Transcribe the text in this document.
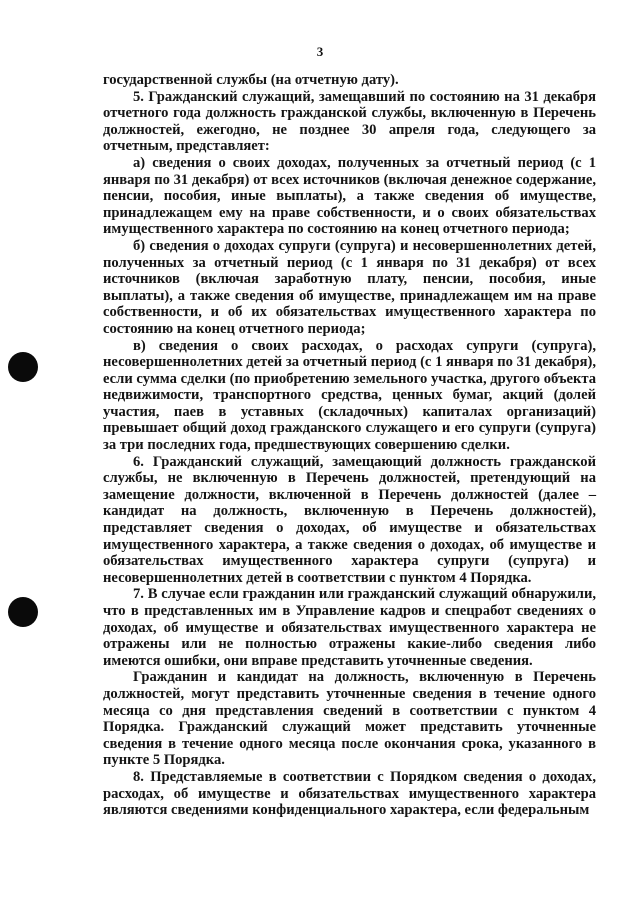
3

государственной службы (на отчетную дату).

5. Гражданский служащий, замещавший по состоянию на 31 декабря отчетного года должность гражданской службы, включенную в Перечень должностей, ежегодно, не позднее 30 апреля года, следующего за отчетным, представляет:

а) сведения о своих доходах, полученных за отчетный период (с 1 января по 31 декабря) от всех источников (включая денежное содержание, пенсии, пособия, иные выплаты), а также сведения об имуществе, принадлежащем ему на праве собственности, и о своих обязательствах имущественного характера по состоянию на конец отчетного периода;

б) сведения о доходах супруги (супруга) и несовершеннолетних детей, полученных за отчетный период (с 1 января по 31 декабря) от всех источников (включая заработную плату, пенсии, пособия, иные выплаты), а также сведения об имуществе, принадлежащем им на праве собственности, и об их обязательствах имущественного характера по состоянию на конец отчетного периода;

в) сведения о своих расходах, о расходах супруги (супруга), несовершеннолетних детей за отчетный период (с 1 января по 31 декабря), если сумма сделки (по приобретению земельного участка, другого объекта недвижимости, транспортного средства, ценных бумаг, акций (долей участия, паев в уставных (складочных) капиталах организаций) превышает общий доход гражданского служащего и его супруги (супруга) за три последних года, предшествующих совершению сделки.

6. Гражданский служащий, замещающий должность гражданской службы, не включенную в Перечень должностей, претендующий на замещение должности, включенной в Перечень должностей (далее – кандидат на должность, включенную в Перечень должностей), представляет сведения о доходах, об имуществе и обязательствах имущественного характера, а также сведения о доходах, об имуществе и обязательствах имущественного характера супруги (супруга) и несовершеннолетних детей в соответствии с пунктом 4 Порядка.

7. В случае если гражданин или гражданский служащий обнаружили, что в представленных им в Управление кадров и спецработ сведениях о доходах, об имуществе и обязательствах имущественного характера не отражены или не полностью отражены какие-либо сведения либо имеются ошибки, они вправе представить уточненные сведения.

Гражданин и кандидат на должность, включенную в Перечень должностей, могут представить уточненные сведения в течение одного месяца со дня представления сведений в соответствии с пунктом 4 Порядка. Гражданский служащий может представить уточненные сведения в течение одного месяца после окончания срока, указанного в пункте 5 Порядка.

8. Представляемые в соответствии с Порядком сведения о доходах, расходах, об имуществе и обязательствах имущественного характера являются сведениями конфиденциального характера, если федеральным
